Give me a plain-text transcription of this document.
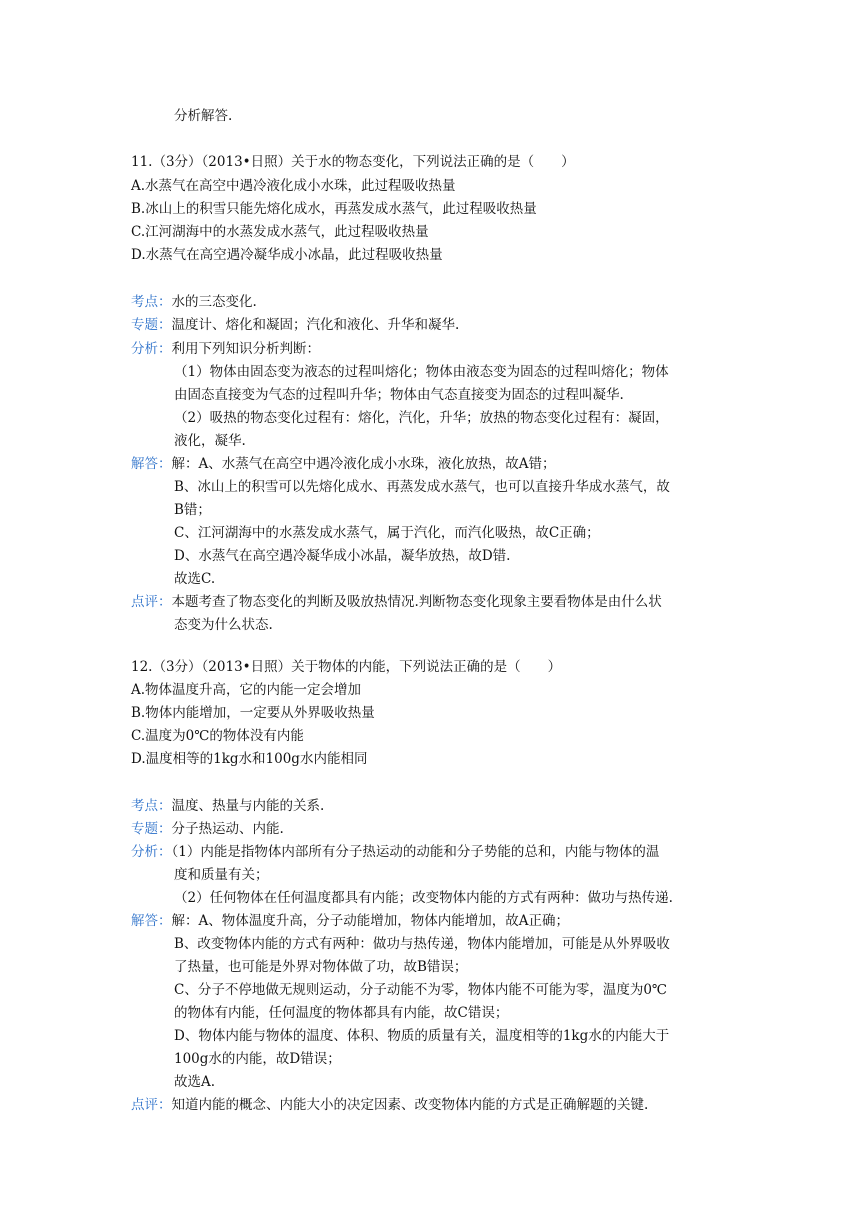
分析解答.
11.（3分）（2013•日照）关于水的物态变化，下列说法正确的是（　　）
A.水蒸气在高空中遇冷液化成小水珠，此过程吸收热量
B.冰山上的积雪只能先熔化成水，再蒸发成水蒸气，此过程吸收热量
C.江河湖海中的水蒸发成水蒸气，此过程吸收热量
D.水蒸气在高空遇冷凝华成小冰晶，此过程吸收热量
考点：水的三态变化.
专题：温度计、熔化和凝固；汽化和液化、升华和凝华.
分析：利用下列知识分析判断：
（1）物体由固态变为液态的过程叫熔化；物体由液态变为固态的过程叫熔化；物体
由固态直接变为气态的过程叫升华；物体由气态直接变为固态的过程叫凝华.
（2）吸热的物态变化过程有：熔化，汽化，升华；放热的物态变化过程有：凝固，
液化，凝华.
解答：解：A、水蒸气在高空中遇冷液化成小水珠，液化放热，故A错；
B、冰山上的积雪可以先熔化成水、再蒸发成水蒸气，也可以直接升华成水蒸气，故
B错；
C、江河湖海中的水蒸发成水蒸气，属于汽化，而汽化吸热，故C正确；
D、水蒸气在高空遇冷凝华成小冰晶，凝华放热，故D错.
故选C.
点评：本题考查了物态变化的判断及吸放热情况.判断物态变化现象主要看物体是由什么状
态变为什么状态.
12.（3分）（2013•日照）关于物体的内能，下列说法正确的是（　　）
A.物体温度升高，它的内能一定会增加
B.物体内能增加，一定要从外界吸收热量
C.温度为0℃的物体没有内能
D.温度相等的1kg水和100g水内能相同
考点：温度、热量与内能的关系.
专题：分子热运动、内能.
分析：（1）内能是指物体内部所有分子热运动的动能和分子势能的总和，内能与物体的温
度和质量有关；
（2）任何物体在任何温度都具有内能；改变物体内能的方式有两种：做功与热传递.
解答：解：A、物体温度升高，分子动能增加，物体内能增加，故A正确；
B、改变物体内能的方式有两种：做功与热传递，物体内能增加，可能是从外界吸收
了热量，也可能是外界对物体做了功，故B错误；
C、分子不停地做无规则运动，分子动能不为零，物体内能不可能为零，温度为0℃
的物体有内能，任何温度的物体都具有内能，故C错误；
D、物体内能与物体的温度、体积、物质的质量有关，温度相等的1kg水的内能大于
100g水的内能，故D错误；
故选A.
点评：知道内能的概念、内能大小的决定因素、改变物体内能的方式是正确解题的关键.
